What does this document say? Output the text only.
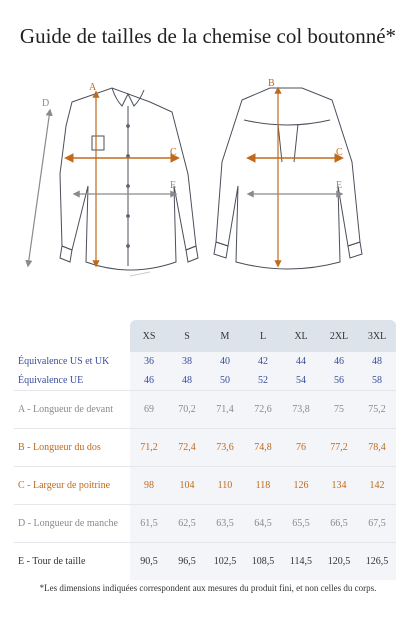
Guide de tailles de la chemise col boutonné*
A
C
E
D
B
C
E
	XS	S	M	L	XL	2XL	3XL
Équivalence US et UK	36	38	40	42	44	46	48
Équivalence UE	46	48	50	52	54	56	58
A - Longueur de devant	69	70,2	71,4	72,6	73,8	75	75,2
B - Longueur du dos	71,2	72,4	73,6	74,8	76	77,2	78,4
C - Largeur de poitrine	98	104	110	118	126	134	142
D - Longueur de manche	61,5	62,5	63,5	64,5	65,5	66,5	67,5
E - Tour de taille	90,5	96,5	102,5	108,5	114,5	120,5	126,5
*Les dimensions indiquées correspondent aux mesures du produit fini, et non celles du corps.
